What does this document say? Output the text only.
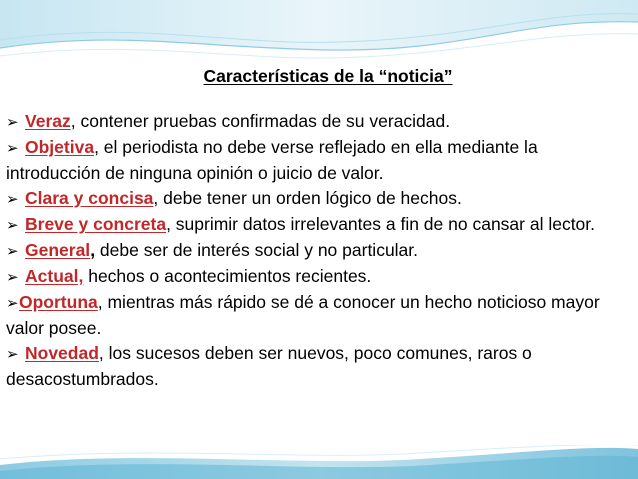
Características de la “noticia”
➢ Veraz, contener pruebas confirmadas de su veracidad.
➢ Objetiva, el periodista no debe verse reflejado en ella mediante la introducción de ninguna opinión o juicio de valor.
➢ Clara y concisa, debe tener un orden lógico de hechos.
➢ Breve y concreta, suprimir datos irrelevantes a fin de no cansar al lector.
➢ General, debe ser de interés social y no particular.
➢ Actual, hechos o acontecimientos recientes.
➢Oportuna, mientras más rápido se dé a conocer un hecho noticioso mayor valor posee.
➢ Novedad, los sucesos deben ser nuevos, poco comunes, raros o desacostumbrados.
